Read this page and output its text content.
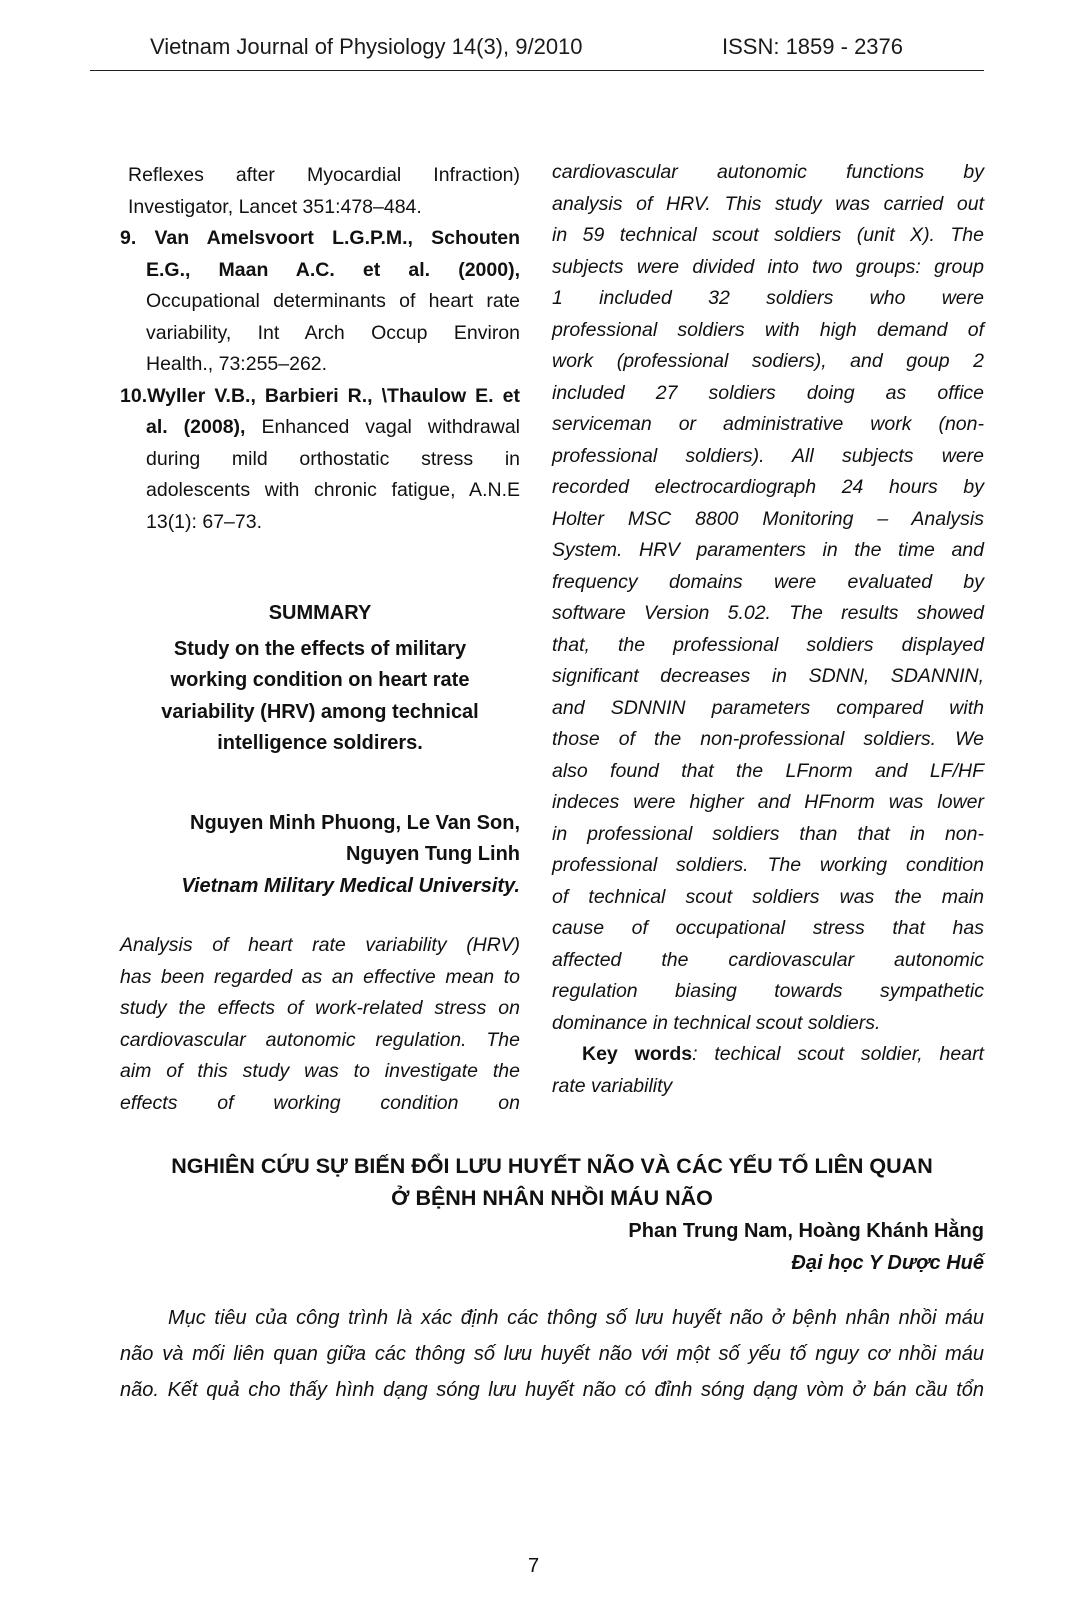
Vietnam Journal of Physiology 14(3), 9/2010	ISSN: 1859 - 2376
Reflexes after Myocardial Infraction)
Investigator, Lancet 351:478–484.
9. Van Amelsvoort L.G.P.M., Schouten
E.G., Maan A.C. et al. (2000),
Occupational determinants of heart rate
variability, Int Arch Occup Environ
Health., 73:255–262.
10.Wyller V.B., Barbieri R., \Thaulow E. et
al. (2008), Enhanced vagal withdrawal
during mild orthostatic stress in
adolescents with chronic fatigue, A.N.E
13(1): 67–73.
SUMMARY
Study on the effects of military
working condition on heart rate
variability (HRV) among technical
intelligence soldirers.
Nguyen Minh Phuong, Le Van Son,
Nguyen Tung Linh
Vietnam Military Medical University.
Analysis of heart rate variability (HRV)
has been regarded as an effective mean to
study the effects of work-related stress on
cardiovascular autonomic regulation. The
aim of this study was to investigate the
effects of working condition on
cardiovascular autonomic functions by
analysis of HRV. This study was carried out
in 59 technical scout soldiers (unit X). The
subjects were divided into two groups: group
1 included 32 soldiers who were
professional soldiers with high demand of
work (professional sodiers), and goup 2
included 27 soldiers doing as office
serviceman or administrative work (non-
professional soldiers). All subjects were
recorded electrocardiograph 24 hours by
Holter MSC 8800 Monitoring – Analysis
System. HRV paramenters in the time and
frequency domains were evaluated by
software Version 5.02. The results showed
that, the professional soldiers displayed
significant decreases in SDNN, SDANNIN,
and SDNNIN parameters compared with
those of the non-professional soldiers. We
also found that the LFnorm and LF/HF
indeces were higher and HFnorm was lower
in professional soldiers than that in non-
professional soldiers. The working condition
of technical scout soldiers was the main
cause of occupational stress that has
affected the cardiovascular autonomic
regulation biasing towards sympathetic
dominance in technical scout soldiers.
Key words: techical scout soldier, heart
rate variability
NGHIÊN CỨU SỰ BIẾN ĐỔI LƯU HUYẾT NÃO VÀ CÁC YẾU TỐ LIÊN QUAN
Ở BỆNH NHÂN NHỒI MÁU NÃO
Phan Trung Nam, Hoàng Khánh Hằng
Đại học Y Dược Huế
Mục tiêu của công trình là xác định các thông số lưu huyết não ở bệnh nhân nhồi máu
não và mối liên quan giữa các thông số lưu huyết não với một số yếu tố nguy cơ nhồi máu
não. Kết quả cho thấy hình dạng sóng lưu huyết não có đỉnh sóng dạng vòm ở bán cầu tổn
7
